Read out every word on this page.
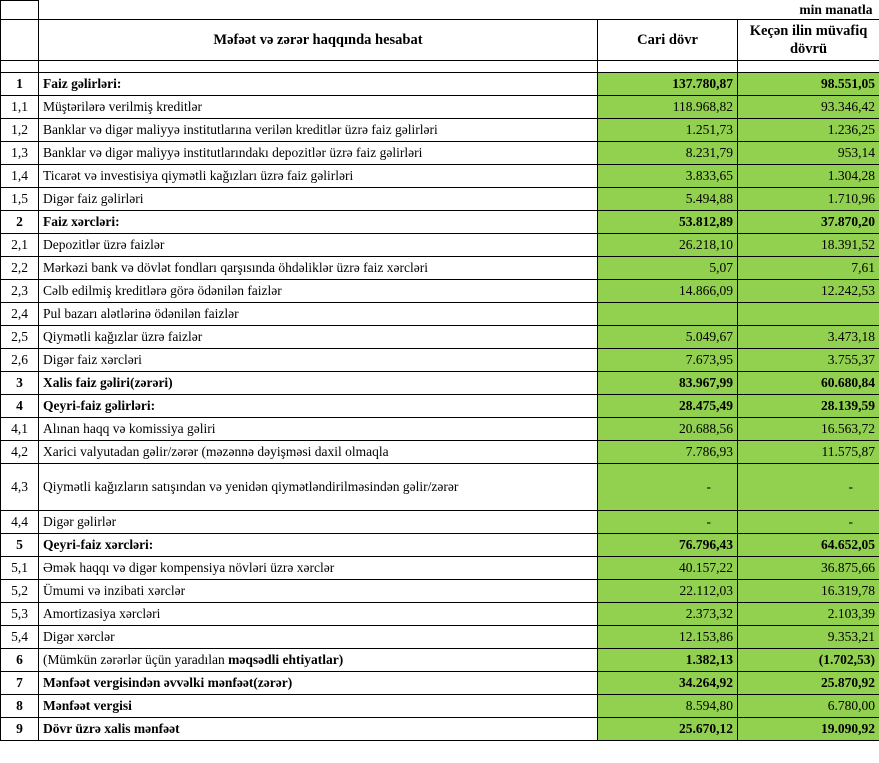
			min manatla
	Məfəət və zərər haqqında hesabat	Cari dövr	Keçən ilin müvafiq dövrü

1	Faiz gəlirləri:	137.780,87	98.551,05
1,1	Müştərilərə verilmiş kreditlər	118.968,82	93.346,42
1,2	Banklar və digər maliyyə institutlarına verilən kreditlər üzrə faiz gəlirləri	1.251,73	1.236,25
1,3	Banklar və digər maliyyə institutlarındakı depozitlər üzrə faiz gəlirləri	8.231,79	953,14
1,4	Ticarət və investisiya qiymətli kağızları üzrə faiz gəlirləri	3.833,65	1.304,28
1,5	Digər faiz gəlirləri	5.494,88	1.710,96
2	Faiz xərcləri:	53.812,89	37.870,20
2,1	Depozitlər üzrə faizlər	26.218,10	18.391,52
2,2	Mərkəzi bank və dövlət fondları qarşısında öhdəliklər üzrə faiz xərcləri	5,07	7,61
2,3	Cəlb edilmiş kreditlərə görə ödənilən faizlər	14.866,09	12.242,53
2,4	Pul bazarı alətlərinə ödənilən faizlər		
2,5	Qiymətli kağızlar üzrə faizlər	5.049,67	3.473,18
2,6	Digər faiz xərcləri	7.673,95	3.755,37
3	Xalis faiz gəliri(zərəri)	83.967,99	60.680,84
4	Qeyri-faiz gəlirləri:	28.475,49	28.139,59
4,1	Alınan haqq və komissiya gəliri	20.688,56	16.563,72
4,2	Xarici valyutadan gəlir/zərər (məzənnə dəyişməsi daxil olmaqla	7.786,93	11.575,87
4,3	Qiymətli kağızların satışından və yenidən qiymətləndirilməsindən gəlir/zərər	-	-
4,4	Digər gəlirlər	-	-
5	Qeyri-faiz xərcləri:	76.796,43	64.652,05
5,1	Əmək haqqı və digər kompensiya növləri üzrə xərclər	40.157,22	36.875,66
5,2	Ümumi və inzibati xərclər	22.112,03	16.319,78
5,3	Amortizasiya xərcləri	2.373,32	2.103,39
5,4	Digər xərclər	12.153,86	9.353,21
6	(Mümkün zərərlər üçün yaradılan məqsədli ehtiyatlar)	1.382,13	(1.702,53)
7	Mənfəət vergisindən əvvəlki mənfəət(zərər)	34.264,92	25.870,92
8	Mənfəət vergisi	8.594,80	6.780,00
9	Dövr üzrə xalis mənfəət	25.670,12	19.090,92
